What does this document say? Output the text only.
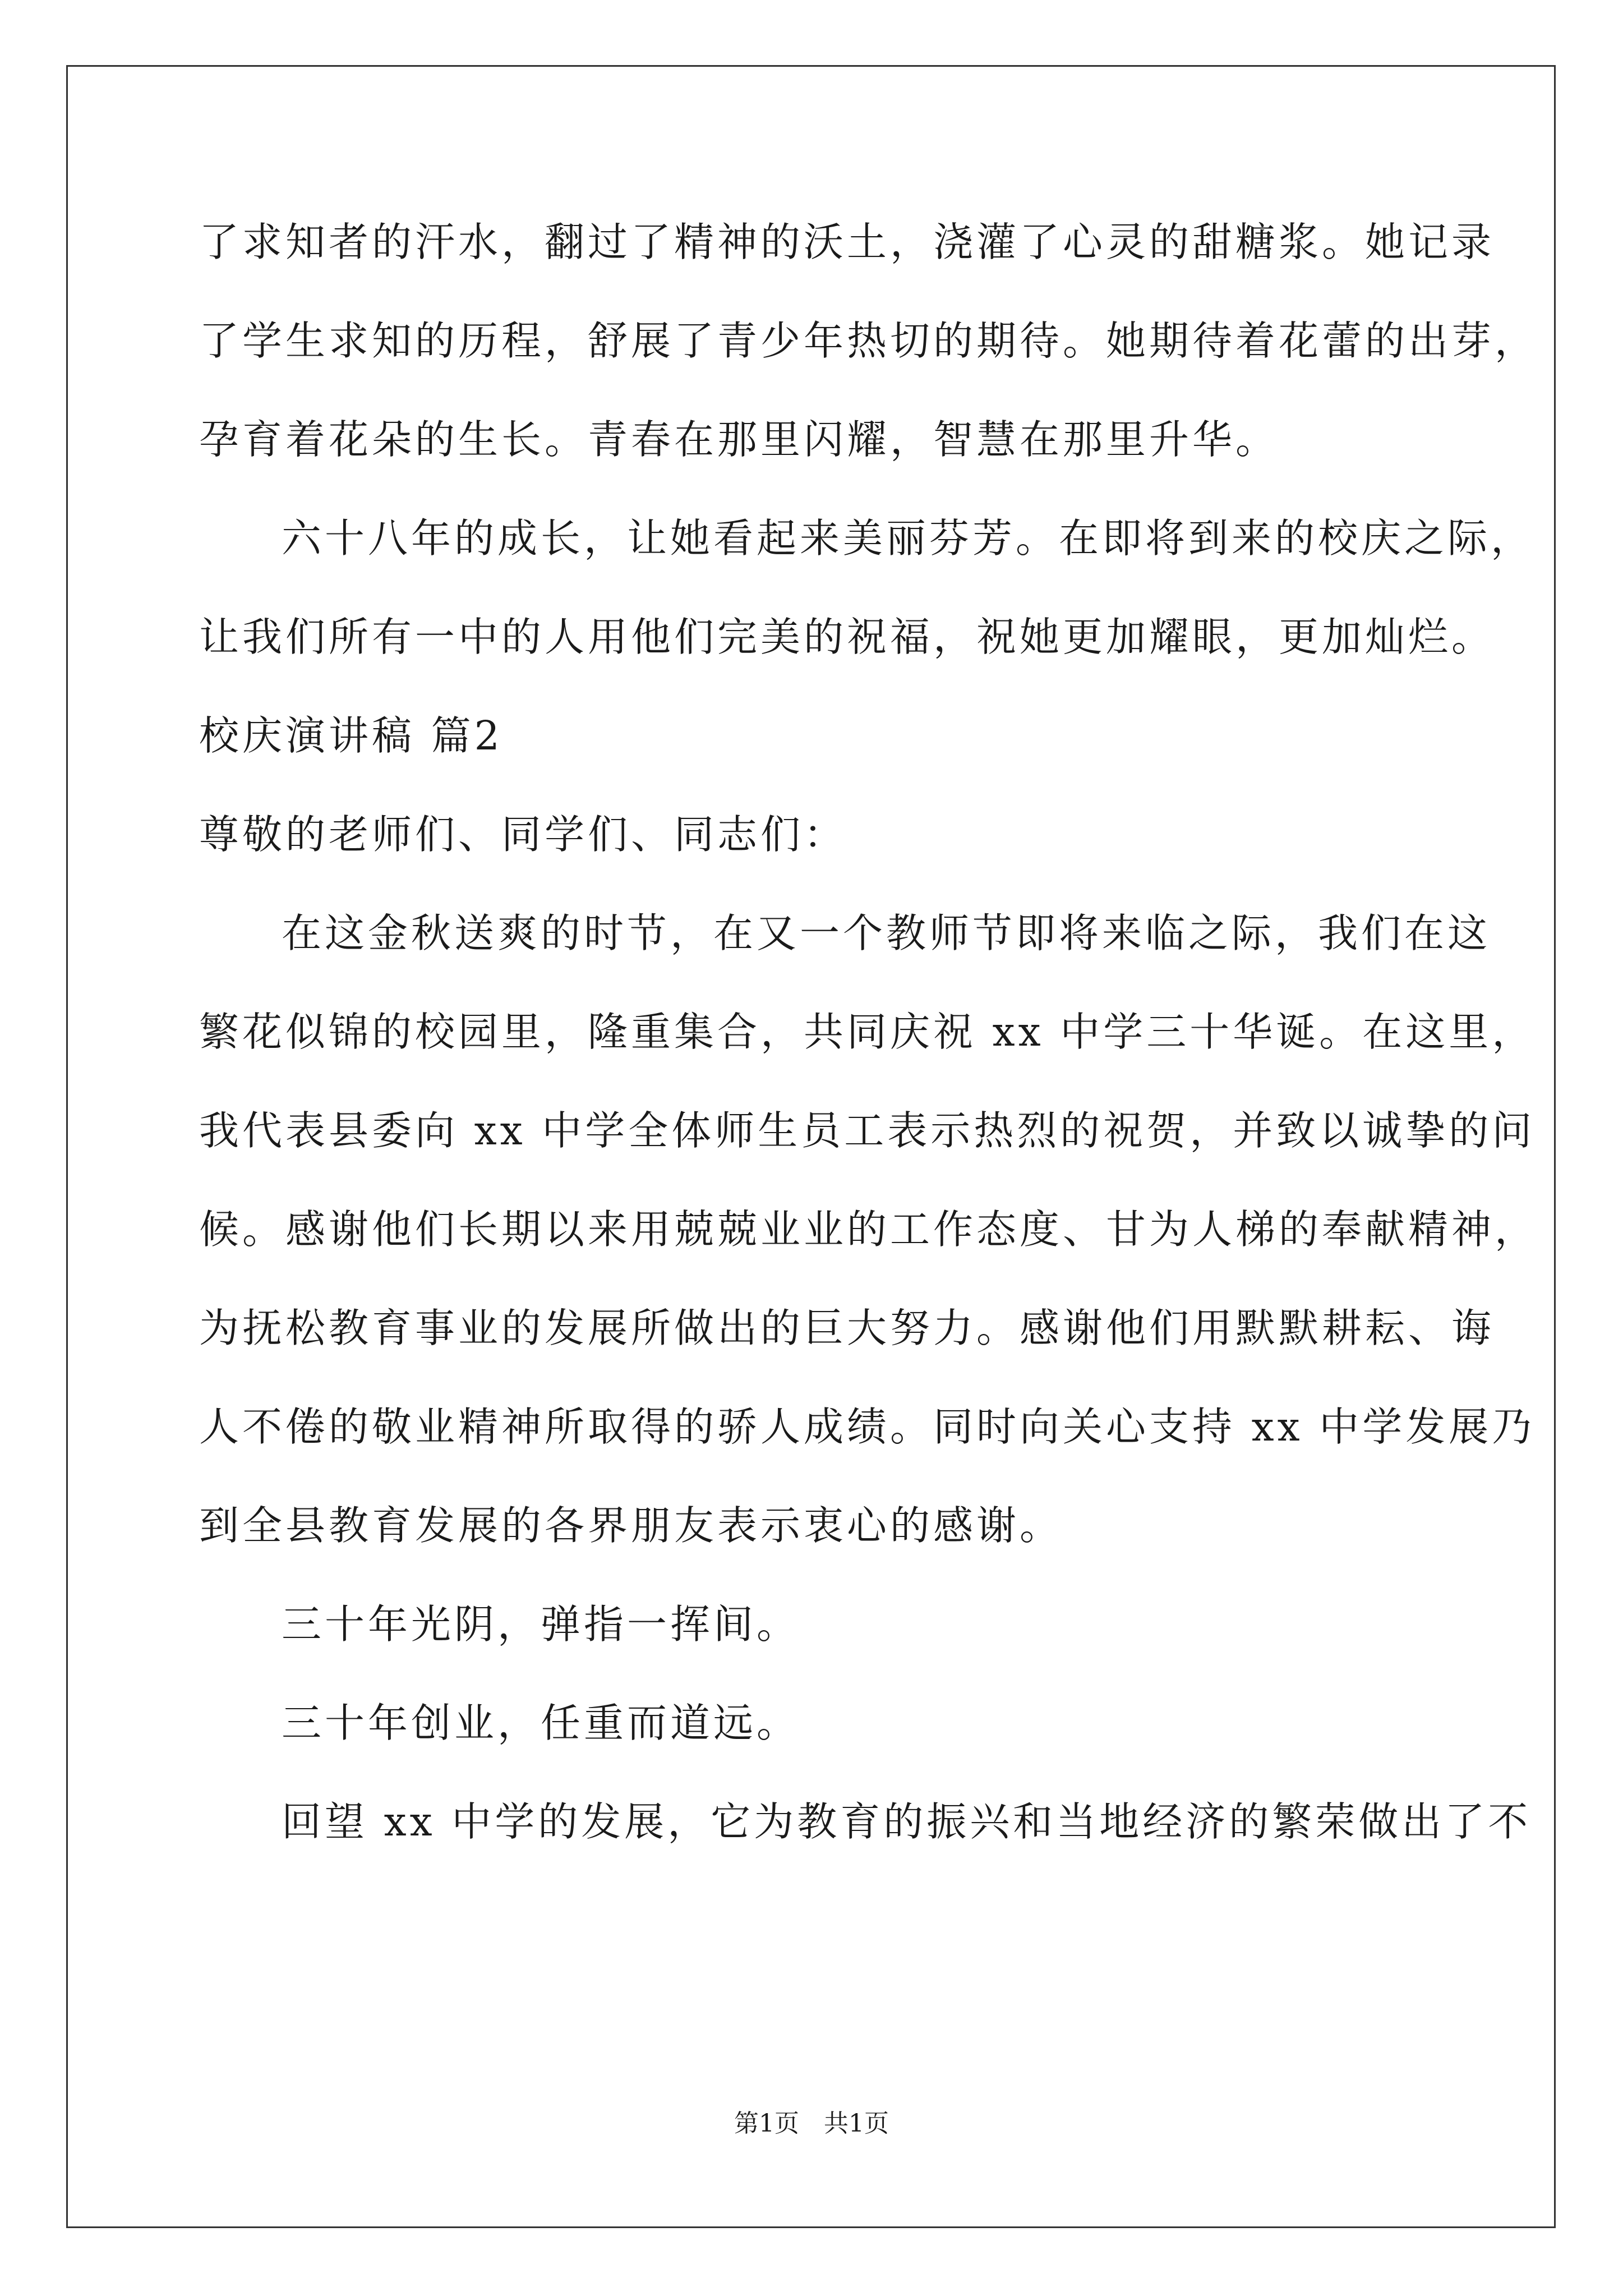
了求知者的汗水，翻过了精神的沃土，浇灌了心灵的甜糖浆。她记录
了学生求知的历程，舒展了青少年热切的期待。她期待着花蕾的出芽，
孕育着花朵的生长。青春在那里闪耀，智慧在那里升华。
六十八年的成长，让她看起来美丽芬芳。在即将到来的校庆之际，
让我们所有一中的人用他们完美的祝福，祝她更加耀眼，更加灿烂。
校庆演讲稿 篇2
尊敬的老师们、同学们、同志们：
在这金秋送爽的时节，在又一个教师节即将来临之际，我们在这
繁花似锦的校园里，隆重集合，共同庆祝 xx 中学三十华诞。在这里，
我代表县委向 xx 中学全体师生员工表示热烈的祝贺，并致以诚挚的问
候。感谢他们长期以来用兢兢业业的工作态度、甘为人梯的奉献精神，
为抚松教育事业的发展所做出的巨大努力。感谢他们用默默耕耘、诲
人不倦的敬业精神所取得的骄人成绩。同时向关心支持 xx 中学发展乃
到全县教育发展的各界朋友表示衷心的感谢。
三十年光阴，弹指一挥间。
三十年创业，任重而道远。
回望 xx 中学的发展，它为教育的振兴和当地经济的繁荣做出了不
第1页　共1页
